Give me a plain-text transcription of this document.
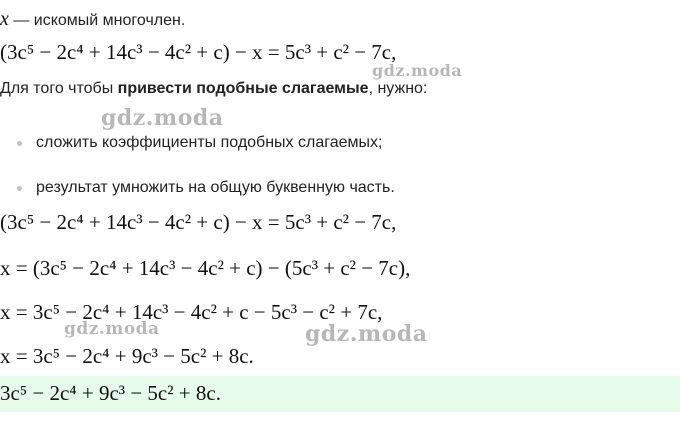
x — искомый многочлен.
(3c⁵ − 2c⁴ + 14c³ − 4c² + c) − x = 5c³ + c² − 7c,
Для того чтобы привести подобные слагаемые, нужно:
сложить коэффициенты подобных слагаемых;
результат умножить на общую буквенную часть.
(3c⁵ − 2c⁴ + 14c³ − 4c² + c) − x = 5c³ + c² − 7c,
x = (3c⁵ − 2c⁴ + 14c³ − 4c² + c) − (5c³ + c² − 7c),
x = 3c⁵ − 2c⁴ + 14c³ − 4c² + c − 5c³ − c² + 7c,
x = 3c⁵ − 2c⁴ + 9c³ − 5c² + 8c.
3c⁵ − 2c⁴ + 9c³ − 5c² + 8c.
gdz.moda
gdz.moda
gdz.moda	gdz.moda
